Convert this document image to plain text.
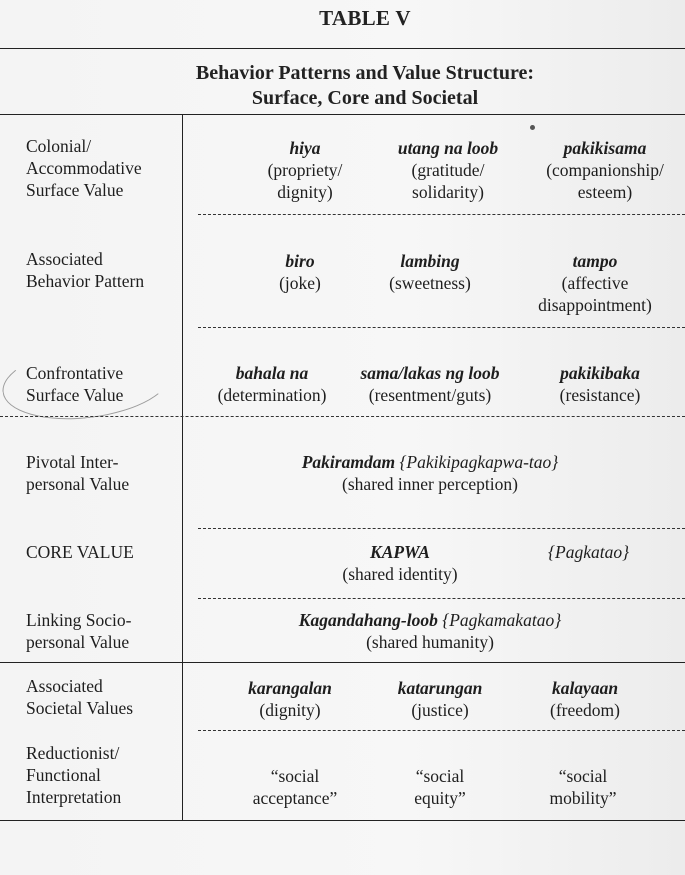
TABLE V
Behavior Patterns and Value Structure:
Surface, Core and Societal
Colonial/
Accommodative
Surface Value
hiya
(propriety/
dignity)
utang na loob
(gratitude/
solidarity)
pakikisama
(companionship/
esteem)
Associated
Behavior Pattern
biro
(joke)
lambing
(sweetness)
tampo
(affective
disappointment)
Confrontative
Surface Value
bahala na
(determination)
sama/lakas ng loob
(resentment/guts)
pakikibaka
(resistance)
Pivotal Inter-
personal Value
Pakiramdam {Pakikipagkapwa-tao}
(shared inner perception)
CORE VALUE	KAPWA
(shared identity)
{Pagkatao}
Linking Socio-
personal Value
Kagandahang-loob {Pagkamakatao}
(shared humanity)
Associated
Societal Values
karangalan
(dignity)
katarungan
(justice)
kalayaan
(freedom)
Reductionist/
Functional
Interpretation
“social
acceptance”
“social
equity”
“social
mobility”
